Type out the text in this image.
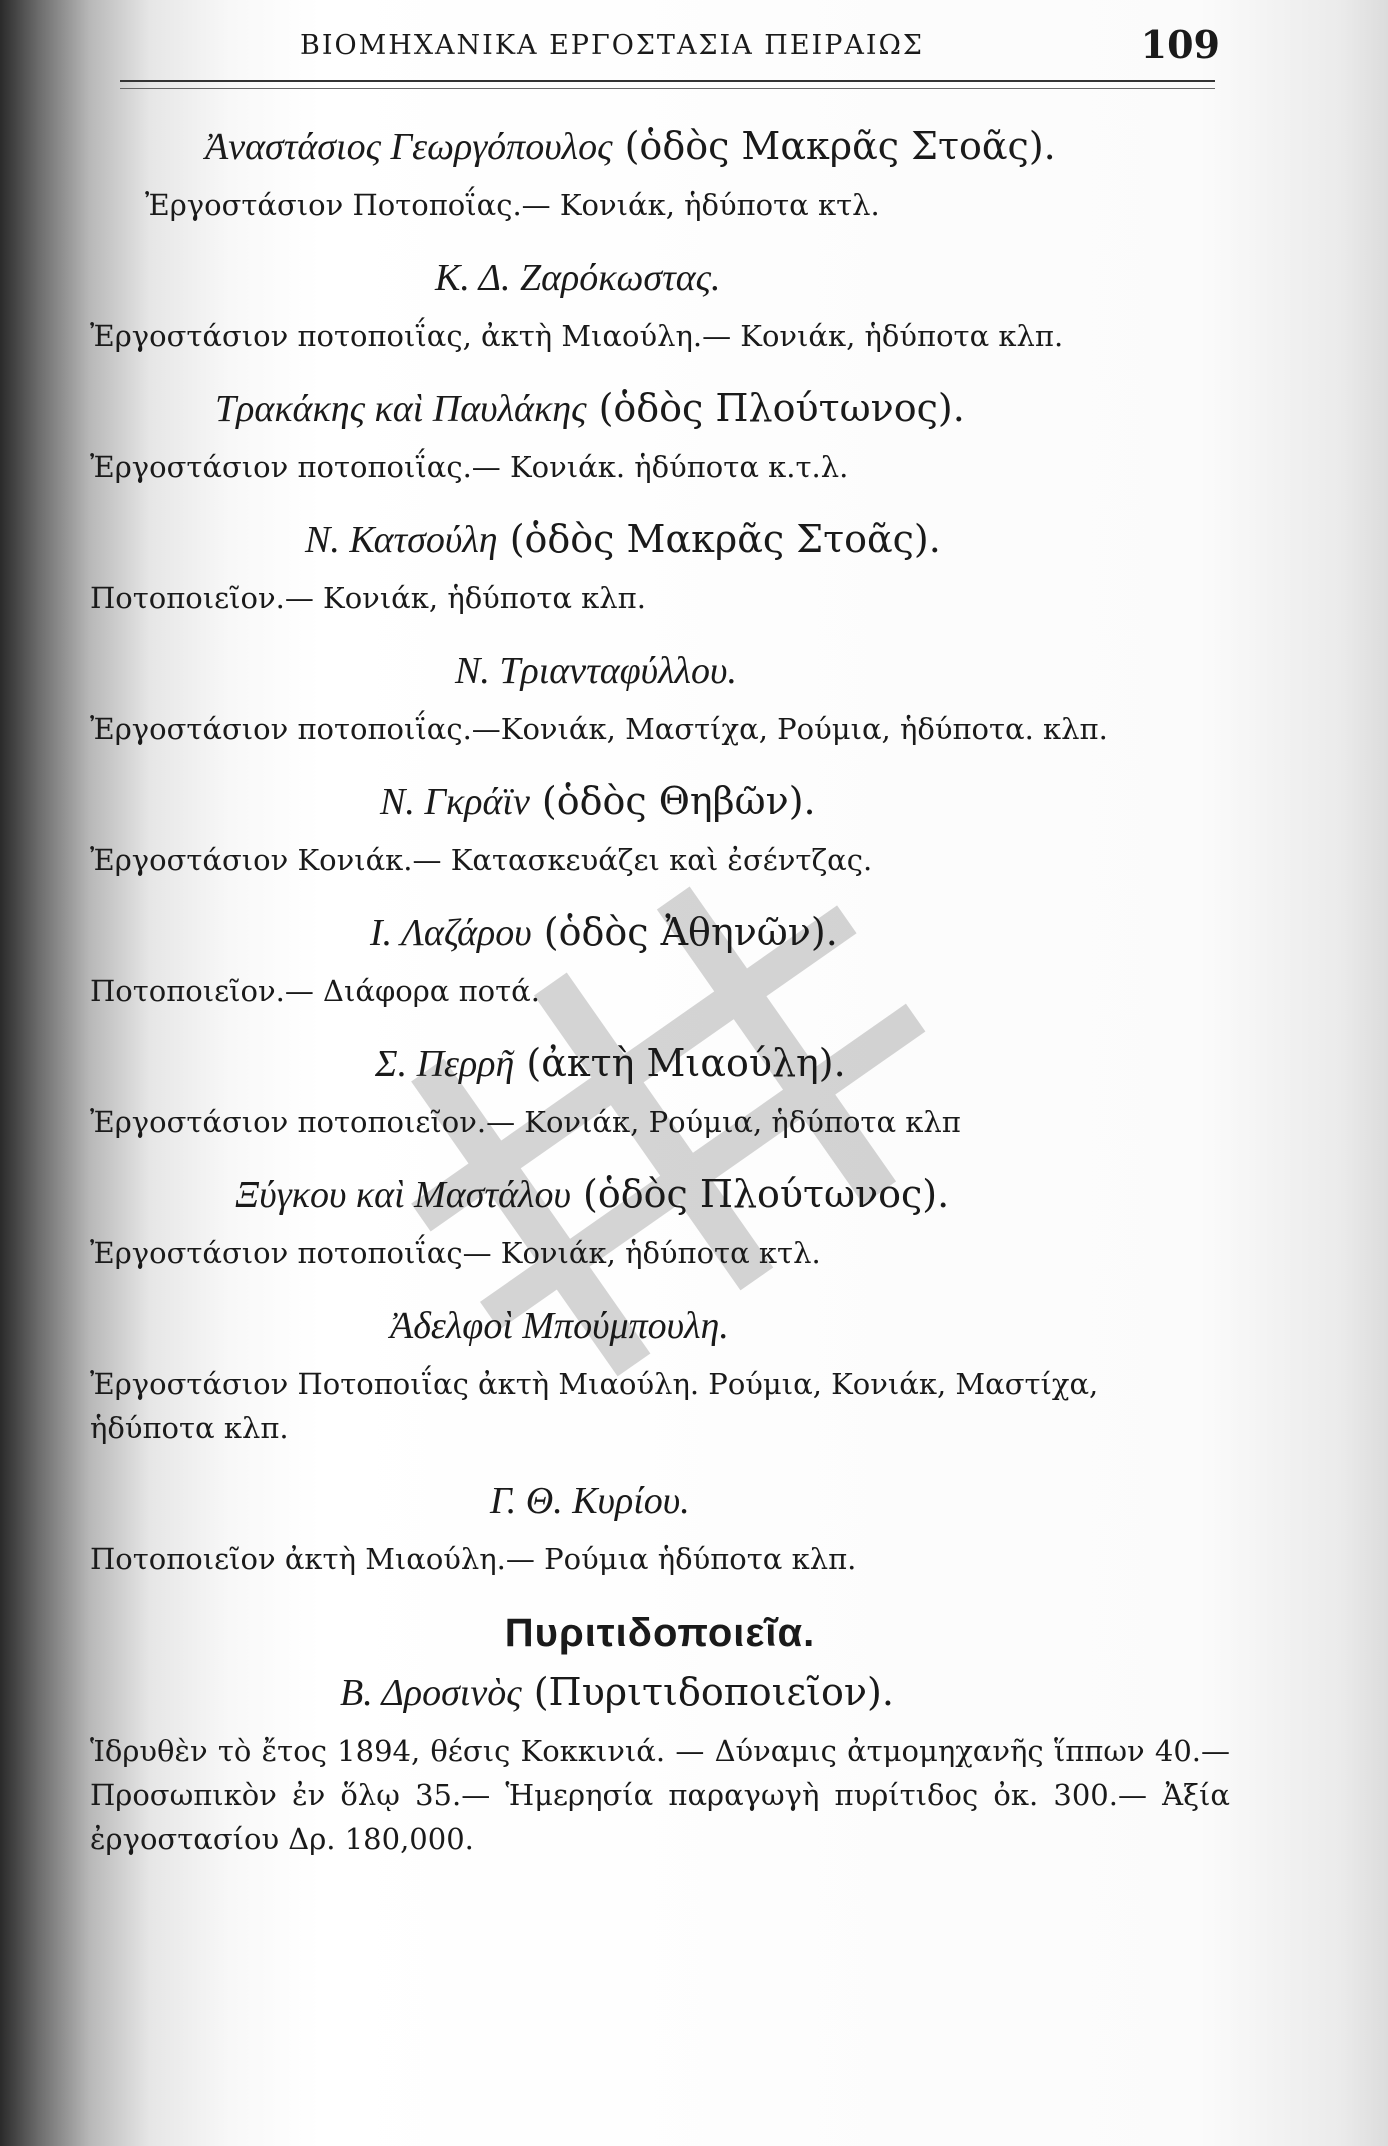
ΒΙΟΜΗΧΑΝΙΚΑ ΕΡΓΟΣΤΑΣΙΑ ΠΕΙΡΑΙΩΣ	109
Ἀναστάσιος Γεωργόπουλος (ὁδὸς Μακρᾶς Στοᾶς).
Ἐργοστάσιον Ποτοποΐας.— Κονιάκ, ἡδύποτα κτλ.
Κ. Δ. Ζαρόκωστας.
Ἐργοστάσιον ποτοποιΐας, ἀκτὴ Μιαούλη.— Κονιάκ, ἡδύποτα κλπ.
Τρακάκης καὶ Παυλάκης (ὁδὸς Πλούτωνος).
Ἐργοστάσιον ποτοποιΐας.— Κονιάκ. ἡδύποτα κ.τ.λ.
Ν. Κατσούλη (ὁδὸς Μακρᾶς Στοᾶς).
Ποτοποιεῖον.— Κονιάκ, ἡδύποτα κλπ.
Ν. Τριανταφύλλου.
Ἐργοστάσιον ποτοποιΐας.—Κονιάκ, Μαστίχα, Ρούμια, ἡδύποτα. κλπ.
Ν. Γκράϊν (ὁδὸς Θηβῶν).
Ἐργοστάσιον Κονιάκ.— Κατασκευάζει καὶ ἐσέντζας.
Ι. Λαζάρου (ὁδὸς Ἀθηνῶν).
Ποτοποιεῖον.— Διάφορα ποτά.
Σ. Περρῆ (ἀκτὴ Μιαούλη).
Ἐργοστάσιον ποτοποιεῖον.— Κονιάκ, Ρούμια, ἡδύποτα κλπ
Ξύγκου καὶ Μαστάλου (ὁδὸς Πλούτωνος).
Ἐργοστάσιον ποτοποιΐας— Κονιάκ, ἡδύποτα κτλ.
Ἀδελφοὶ Μπούμπουλη.
Ἐργοστάσιον Ποτοποιΐας ἀκτὴ Μιαούλη. Ρούμια, Κονιάκ, Μαστίχα, ἡδύποτα κλπ.
Γ. Θ. Κυρίου.
Ποτοποιεῖον ἀκτὴ Μιαούλη.— Ρούμια ἡδύποτα κλπ.
Πυριτιδοποιεῖα.
Β. Δροσινὸς (Πυριτιδοποιεῖον).
Ἱδρυθὲν τὸ ἔτος 1894, θέσις Κοκκινιά. — Δύναμις ἀτμομηχανῆς ἵππων 40.— Προσωπικὸν ἐν ὅλῳ 35.— Ἡμερησία παραγωγὴ πυρίτιδος ὀκ. 300.— Ἀξία ἐργοστασίου Δρ. 180,000.
